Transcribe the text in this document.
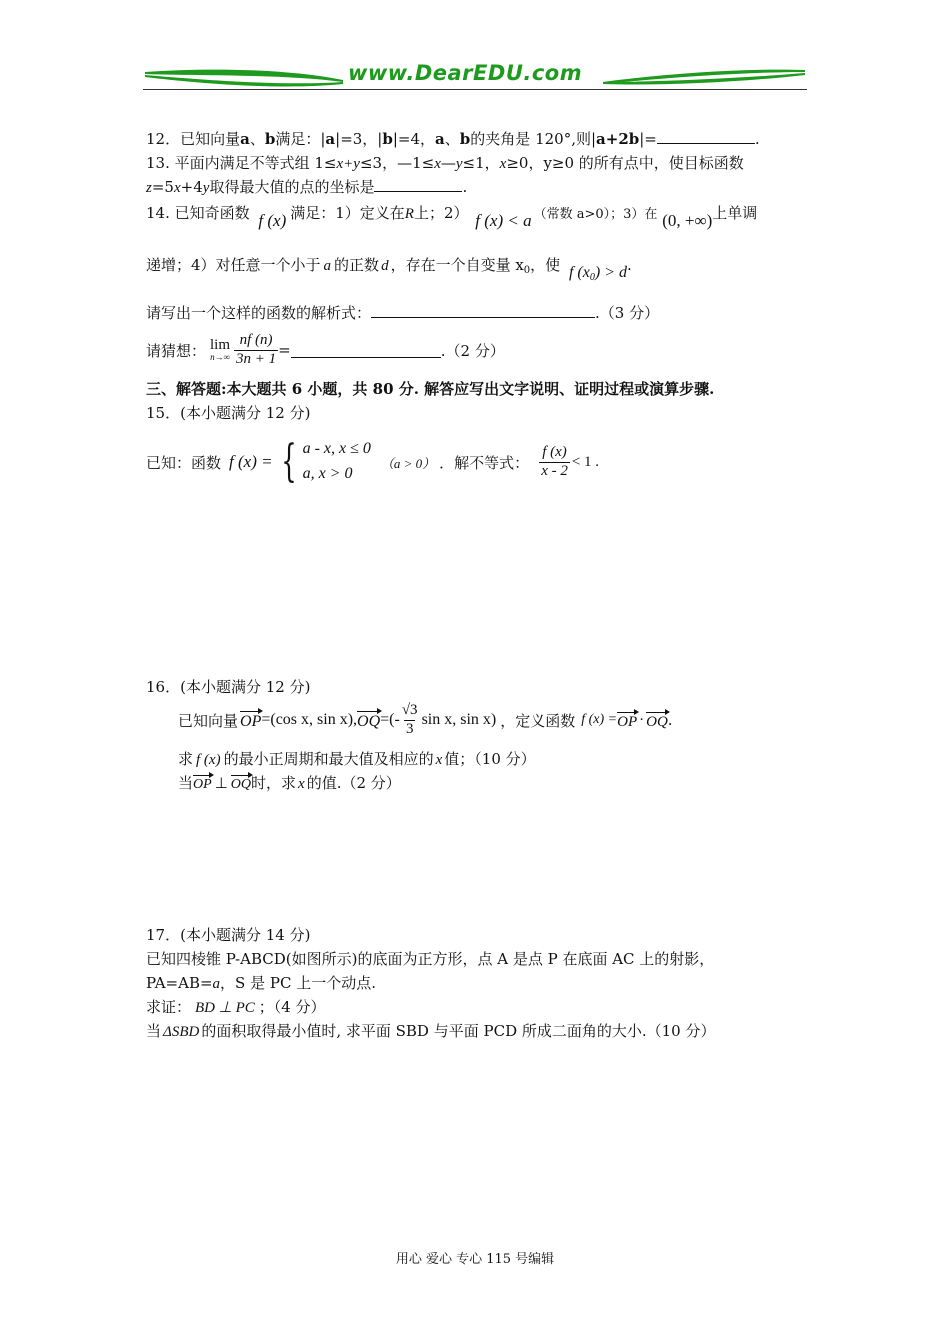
www.DearEDU.com
12．已知向量a、b满足：|a|=3，|b|=4，a、b的夹角是 120°,则|a+2b|=	.
13. 平面内满足不等式组 1≤x+y≤3，—1≤x—y≤1，x≥0，y≥0 的所有点中，使目标函数
z=5x+4y取得最大值的点的坐标是	.
14. 已知奇函数 f (x) 满足：1）定义在R上；2） f (x) < a （常数 a>0）；3）在 (0, +∞)上单调
递增；4）对任意一个小于 a 的正数 d ，存在一个自变量 $x_0$，使 f $(x_0) > d$.
请写出一个这样的函数的解析式：	.（3 分）
请猜想： lim
$n\to\infty \frac{nf (n)}{3n + 1}$ =	.（2 分）
三、解答题:本大题共 6 小题，共 80 分. 解答应写出文字说明、证明过程或演算步骤.
15．(本小题满分 12 分)
已知：函数 f (x) = { a - x, x ≤ 0
a, x > 0
（a > 0） ．解不等式： $\frac{f (x)}{x - 2} < 1$ .
16．(本小题满分 12 分)
已知向量 OP =(cos x, sin x), OQ =(- $\frac{√3}{3}$ sin x, sin x) ，定义函数 f (x) = OP · OQ .
求 f (x) 的最小正周期和最大值及相应的 x 值；（10 分）
当OP ⊥ OQ时，求 x 的值.（2 分）
17．(本小题满分 14 分)
已知四棱锥 P-ABCD(如图所示)的底面为正方形，点 A 是点 P 在底面 AC 上的射影，
PA=AB=a，S 是 PC 上一个动点.
求证： BD ⊥ PC ；（4 分）
当 ΔSBD 的面积取得最小值时, 求平面 SBD 与平面 PCD 所成二面角的大小.（10 分）
用心 爱心 专心 115 号编辑
